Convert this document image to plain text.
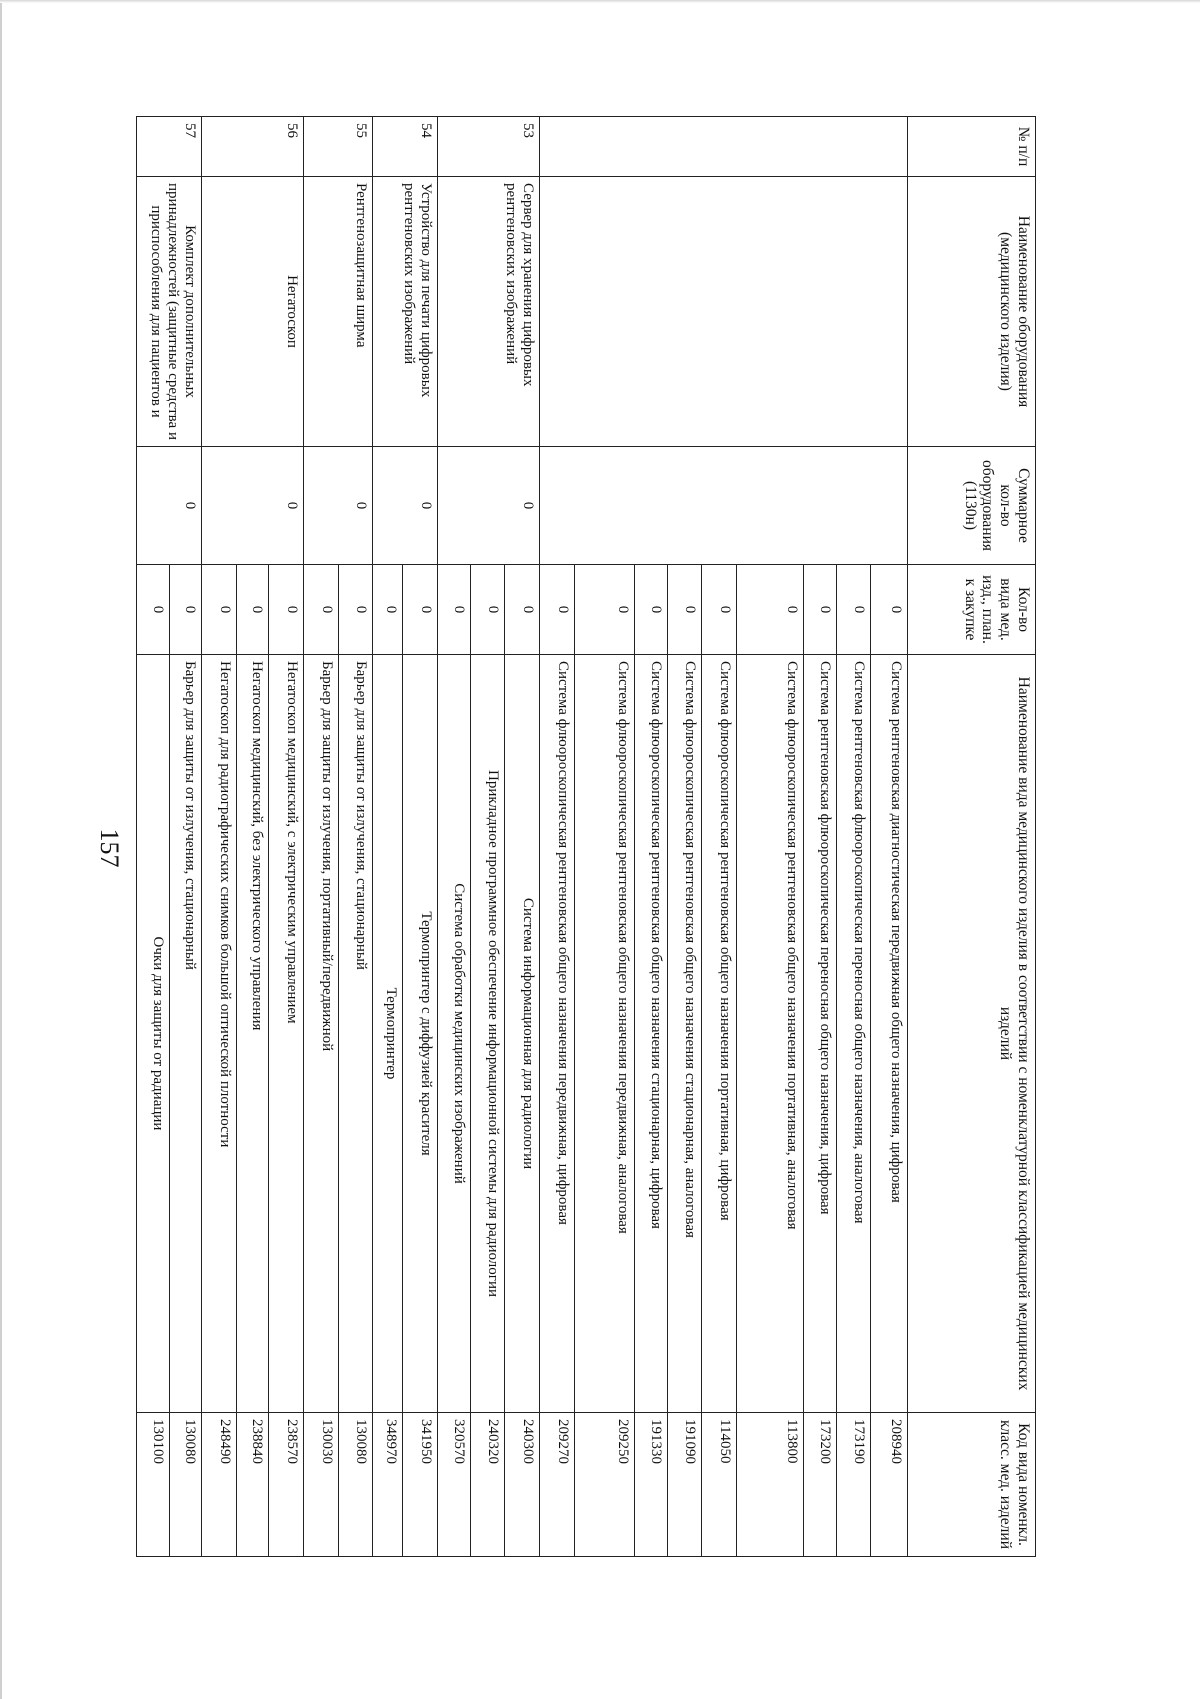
157
№ п/п	Наименование оборудования (медицинского изделия)	Суммарное кол-во оборудования (1130н)	Кол-во вида мед. изд., план. к закупке	Наименование вида медицинского изделия в соответствии с номенклатурной классификацией медицинских изделий	Код вида номенкл. класс. мед. изделий
			0	Система рентгеновская диагностическая передвижная общего назначения, цифровая	208940
			0	Система рентгеновская флюороскопическая переносная общего назначения, аналоговая	173190
			0	Система рентгеновская флюороскопическая переносная общего назначения, цифровая	173200
			0	Система флюороскопическая рентгеновская общего назначения портативная, аналоговая	113800
			0	Система флюороскопическая рентгеновская общего назначения портативная, цифровая	114050
			0	Система флюороскопическая рентгеновская общего назначения стационарная, аналоговая	191090
			0	Система флюороскопическая рентгеновская общего назначения стационарная, цифровая	191330
			0	Система флюороскопическая рентгеновская общего назначения передвижная, аналоговая	209250
			0	Система флюороскопическая рентгеновская общего назначения передвижная, цифровая	209270
53	Сервер для хранения цифровых рентгеновских изображений	0	0	Система информационная для радиологии	240300
			0	Прикладное программное обеспечение информационной системы для радиологии	240320
			0	Система обработки медицинских изображений	320570
54	Устройство для печати цифровых рентгеновских изображений	0	0	Термопринтер с диффузией красителя	341950
			0	Термопринтер	348970
55	Рентгенозащитная ширма	0	0	Барьер для защиты от излучения, стационарный	130080
			0	Барьер для защиты от излучения, портативный/передвижной	130030
56	Негатоскоп	0	0	Негатоскоп медицинский, с электрическим управлением	238570
			0	Негатоскоп медицинский, без электрического управления	238840
			0	Негатоскоп для радиографических снимков большой оптической плотности	248490
57	Комплект дополнительных принадлежностей (защитные средства и приспособления для пациентов и	0	0	Барьер для защиты от излучения, стационарный	130080
			0	Очки для защиты от радиации	130100
